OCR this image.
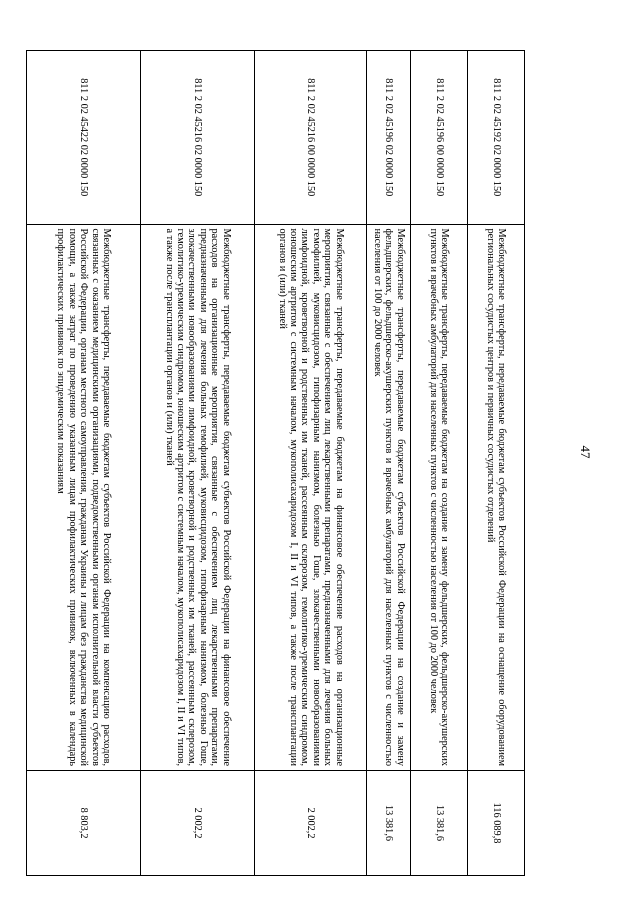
47
811 2 02 45192 02 0000 150	Межбюджетные трансферты, передаваемые бюджетам субъектов Российской Федерации на оснащение оборудованием региональных сосудистых центров и первичных сосудистых отделений	116 089,8
811 2 02 45196 00 0000 150	Межбюджетные трансферты, передаваемые бюджетам на создание и замену фельдшерских, фельдшерско-акушерских пунктов и врачебных амбулаторий для населенных пунктов с численностью населения от 100 до 2000 человек	13 381,6
811 2 02 45196 02 0000 150	Межбюджетные трансферты, передаваемые бюджетам субъектов Российской Федерации на создание и замену фельдшерских, фельдшерско-акушерских пунктов и врачебных амбулаторий для населенных пунктов с численностью населения от 100 до 2000 человек	13 381,6
811 2 02 45216 00 0000 150	Межбюджетные трансферты, передаваемые бюджетам на финансовое обеспечение расходов на организационные мероприятия, связанные с обеспечением лиц лекарственными препаратами, предназначенными для лечения больных гемофилией, муковисцидозом, гипофизарным нанизмом, болезнью Гоше, злокачественными новообразованиями лимфоидной, кроветворной и родственных им тканей, рассеянным склерозом, гемолитико-уремическим синдромом, юношеским артритом с системным началом, мукополисахаридозом I, II и VI типов, а также после трансплантации органов и (или) тканей	2 002,2
811 2 02 45216 02 0000 150	Межбюджетные трансферты, передаваемые бюджетам субъектов Российской Федерации на финансовое обеспечение расходов на организационные мероприятия, связанные с обеспечением лиц лекарственными препаратами, предназначенными для лечения больных гемофилией, муковисцидозом, гипофизарным нанизмом, болезнью Гоше, злокачественными новообразованиями лимфоидной, кроветворной и родственных им тканей, рассеянным склерозом, гемолитико-уремическим синдромом, юношеским артритом с системным началом, мукополисахаридозом I, II и VI типов, а также после трансплантации органов и (или) тканей	2 002,2
811 2 02 45422 02 0000 150	Межбюджетные трансферты, передаваемые бюджетам субъектов Российской Федерации на компенсацию расходов, связанных с оказанием медицинскими организациями, подведомственными органам исполнительной власти субъектов Российской Федерации, органам местного самоуправления, гражданам Украины и лицам без гражданства медицинской помощи, а также затрат по проведению указанным лицам профилактических прививок, включенных в календарь профилактических прививок по эпидемическим показаниям	8 803,2
